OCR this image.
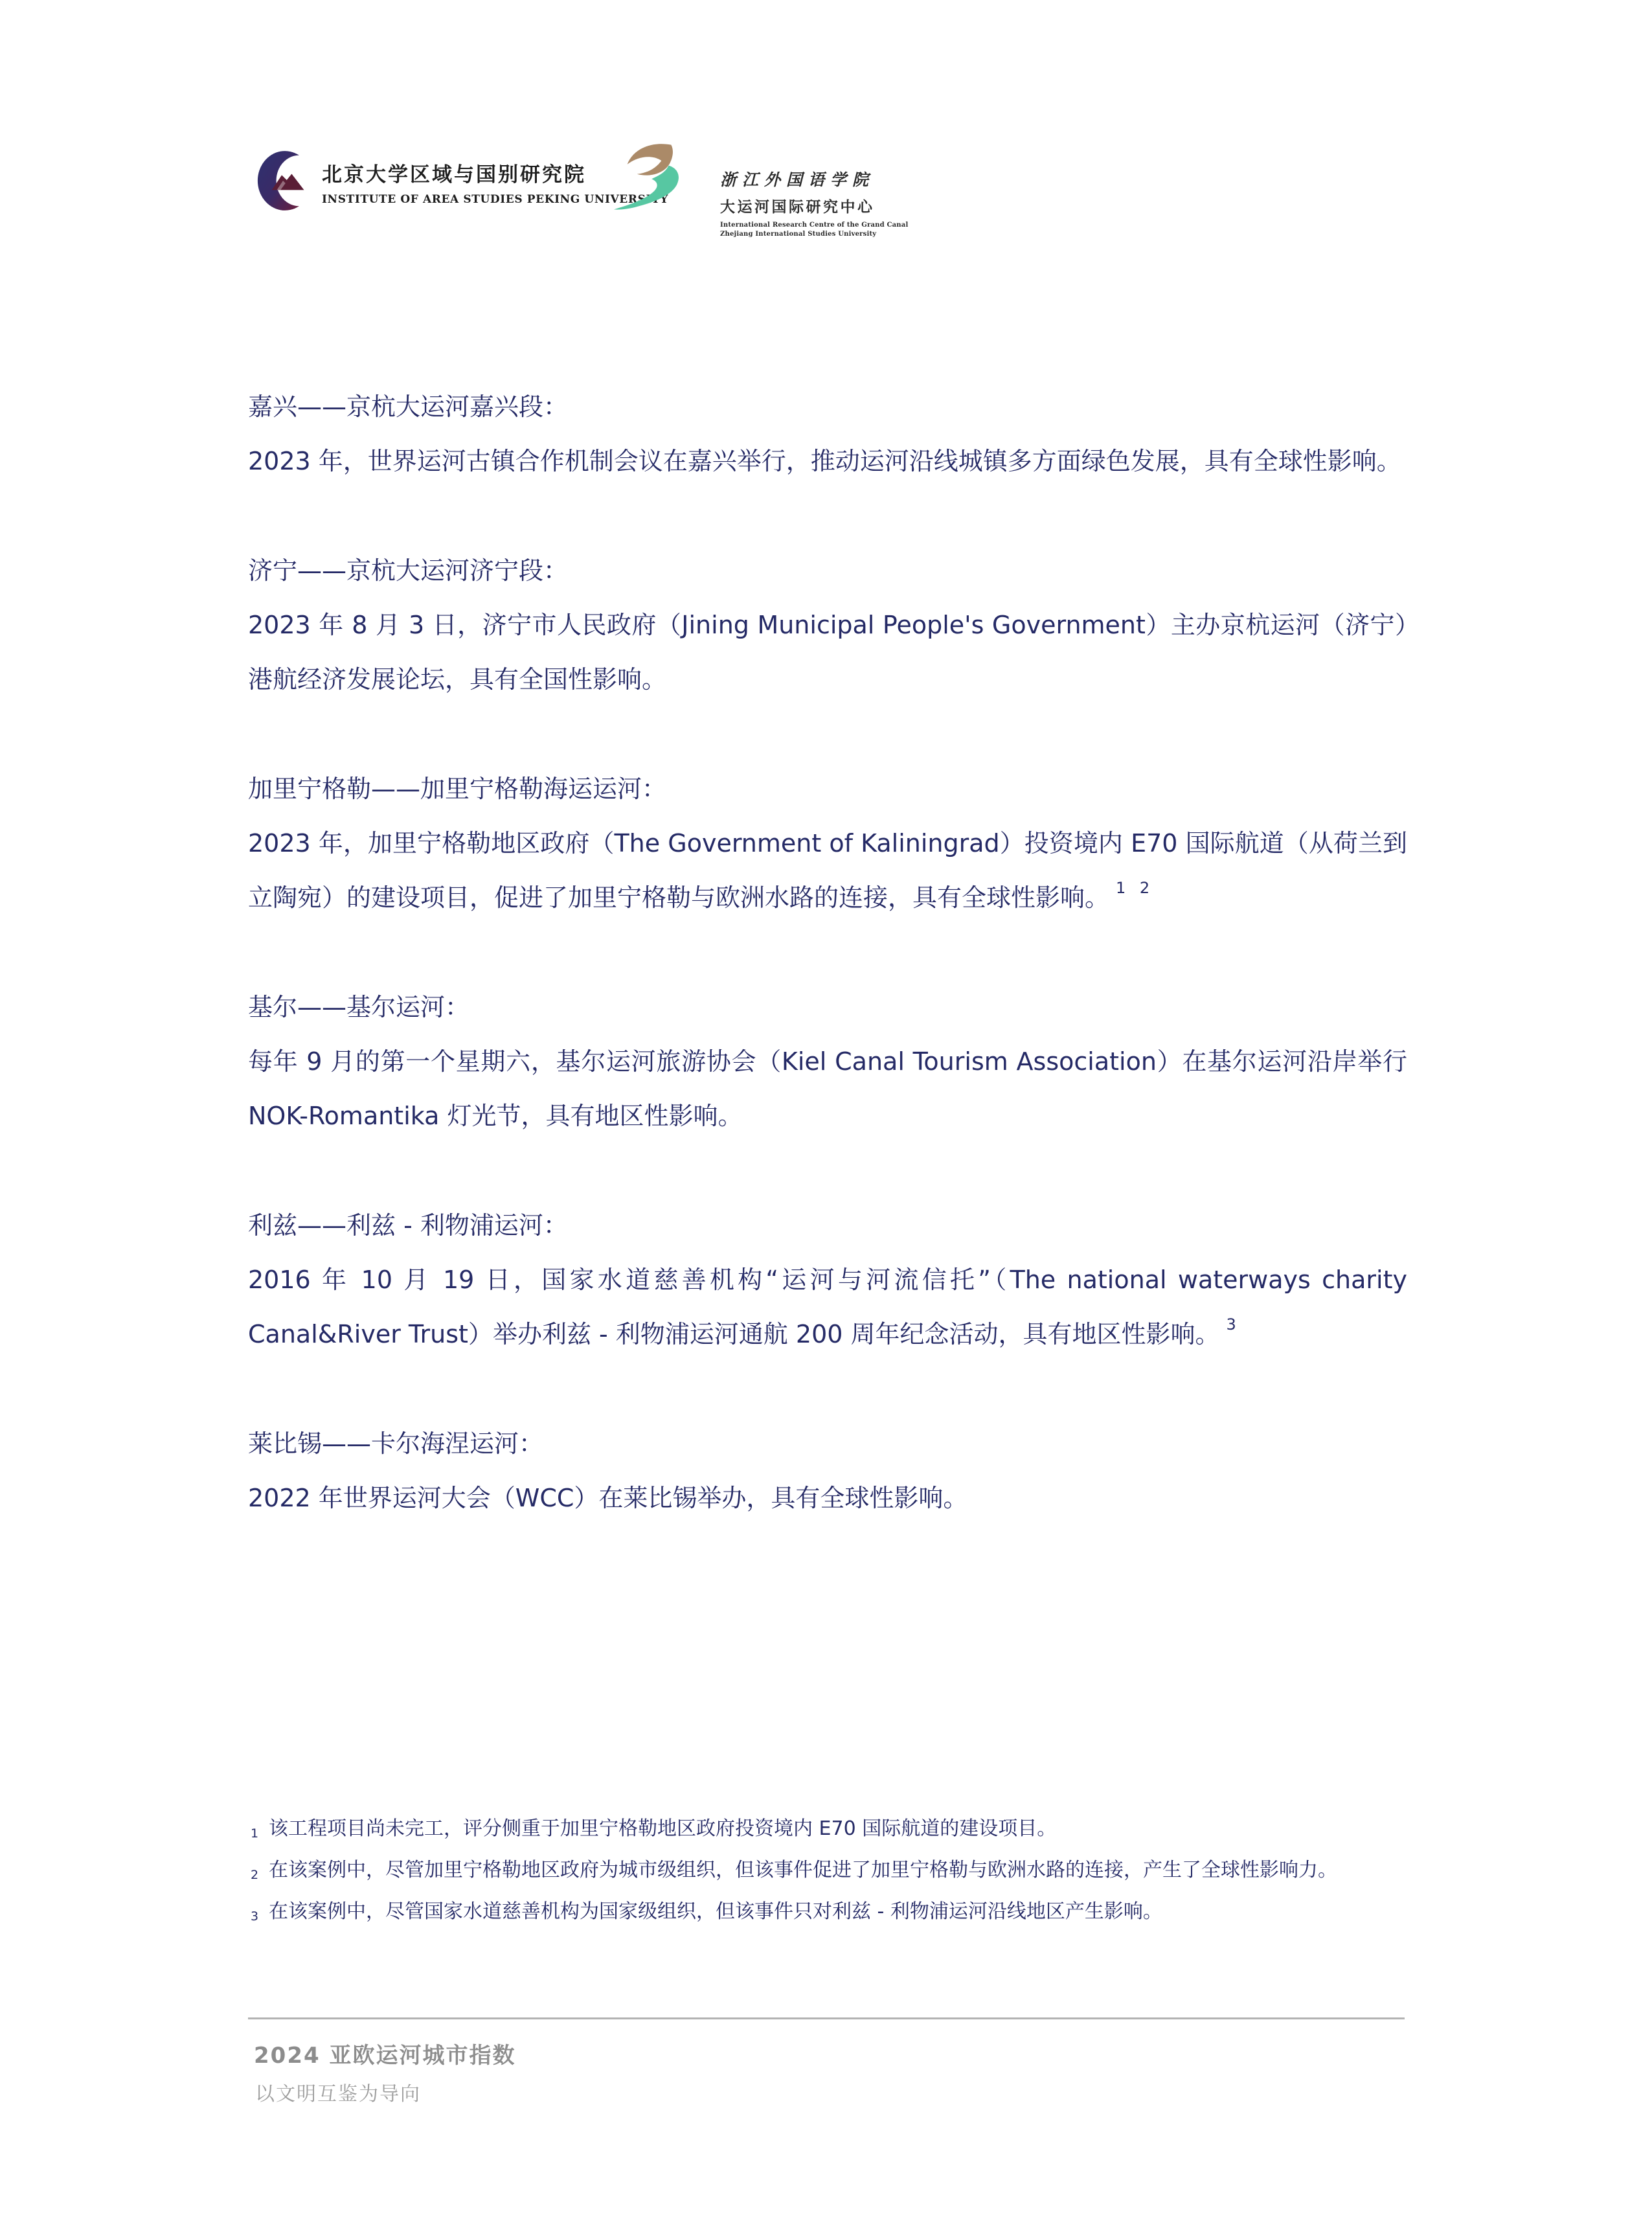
北京大学区域与国别研究院
INSTITUTE OF AREA STUDIES PEKING UNIVERSITY
浙江外国语学院
大运河国际研究中心
International Research Centre of the Grand Canal
Zhejiang International Studies University
嘉兴——京杭大运河嘉兴段：

2023 年，世界运河古镇合作机制会议在嘉兴举行，推动运河沿线城镇多方面绿色发展，具有全球性影响。

济宁——京杭大运河济宁段：

2023 年 8 月 3 日，济宁市人民政府（Jining Municipal People's Government）主办京杭运河（济宁）港航经济发展论坛，具有全国性影响。

加里宁格勒——加里宁格勒海运运河：

2023 年，加里宁格勒地区政府（The Government of Kaliningrad）投资境内 E70 国际航道（从荷兰到立陶宛）的建设项目，促进了加里宁格勒与欧洲水路的连接，具有全球性影响。 $^{1 2}$

基尔——基尔运河：

每年 9 月的第一个星期六，基尔运河旅游协会（Kiel Canal Tourism Association）在基尔运河沿岸举行 NOK-Romantika 灯光节，具有地区性影响。

利兹——利兹 - 利物浦运河：

2016 年 10 月 19 日，国家水道慈善机构“运河与河流信托”（The national waterways charity Canal&River Trust）举办利兹 - 利物浦运河通航 200 周年纪念活动，具有地区性影响。 $^3$

莱比锡——卡尔海涅运河：

2022 年世界运河大会（WCC）在莱比锡举办，具有全球性影响。

1 该工程项目尚未完工，评分侧重于加里宁格勒地区政府投资境内 E70 国际航道的建设项目。
2 在该案例中，尽管加里宁格勒地区政府为城市级组织，但该事件促进了加里宁格勒与欧洲水路的连接，产生了全球性影响力。
3 在该案例中，尽管国家水道慈善机构为国家级组织，但该事件只对利兹 - 利物浦运河沿线地区产生影响。
2024 亚欧运河城市指数
以文明互鉴为导向
